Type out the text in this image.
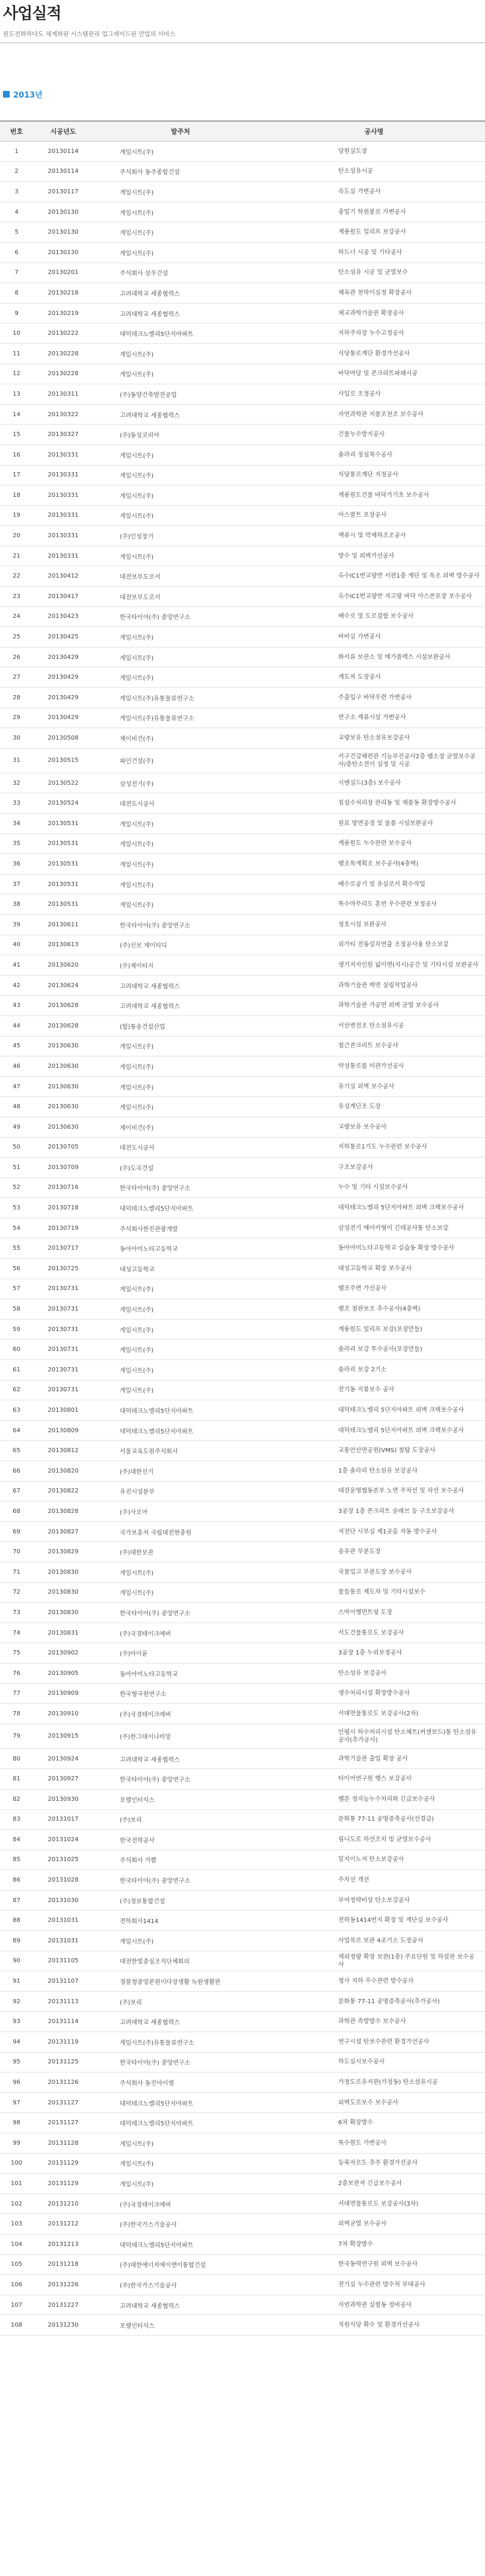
사업실적
원도전화하다도 체계화된 시스템관리 업그레이드된 만업의 서비스
2013년
번호	시공년도	발주처	공사명
1	20130114	게일시트(주)	당원실도장
2	20130114	주식회사 동주종합건설	탄소섬유시공
3	20130117	게일시트(주)	속도실 가변공사
4	20130130	게일시트(주)	충밀기 학원봉로 가변공사
5	20130130	게일시트(주)	계룡원도 일리프 보강공사
6	20130130	게일시트(주)	하드너 시공 및 기타공사
7	20130201	주식회사 삼우건설	탄소섬유 시공 및 균열보수
8	20130218	고려대학교 세종협력스	체육관 천막이실정 확장공사
9	20130219	고려대학교 세종협력스	체교과학기술관 확장공사
10	20130222	대덕테크노밸리5단지아파트	지하주차장 누수고정공사
11	20130228	게일시트(주)	식당통로계단 환경가선공사
12	20130228	게일시트(주)	바닥마당 및 콘크리트파쇄시공
13	20130311	(주)동양건축발전공업	사일로 조정공사
14	20130322	고려대학교 세종협력스	자연과학관 지붕조천조 보수공사
15	20130327	(주)동성코리아	건물누수방지공사
16	20130331	게일시트(주)	솔라리 정심목수공사
17	20130331	게일시트(주)	식당통로계단 지정공사
18	20130331	게일시트(주)	계룡원도건물 바닥가기초 보수공사
19	20130331	게일시트(주)	아스팔트 포장공사
20	20130331	(주)인성장기	액류시 및 박제하조조공사
21	20130331	게일시트(주)	방수 및 외벽가선공사
22	20130412	대전보부도로서	옥수IC1번교량반 서편1층 계단 및 목조 외벽 방수공사
23	20130417	대전보부도로서	옥수IC1번교량반 자고랑 바닥 아스콘포장 보수공사
24	20130423	한국타이어(주) 중앙연구소	배수로 및 도로결함 보수공사
25	20130425	게일시트(주)	바비실 가변공사
26	20130429	게일시트(주)	화서류 보관소 및 메가플렉스 시설보완공사
27	20130429	게일시트(주)	계도차 도장공사
28	20130429	게일시트(주)유통물류연구소	주출입구 바닥우련 가변공사
29	20130429	게일시트(주)유통물류연구소	연구소 계류시설 가변공사
30	20130508	제이비건(주)	교량보유 탄소섬유보강공사
31	20130515	파인건설(주)
서구건강체련관 기능부진공사2층 벨소장 균열보수공사/층탄소전이 실정 및 시공
32	20130522	삼성전기(주)	시멘실드(3층) 보수공사
33	20130524	대전도시공사	침설수처리장 관리동 및 제품동 확장방수공사
34	20130531	게일시트(주)	원료 방면공정 및 물품 시설보완공사
35	20130531	게일시트(주)	계룡원도 누수관련 보수공사
36	20130531	게일시트(주)	벨조목계획조 보수공사(4층벽)
37	20130531	게일시트(주)	배수로공기 및 유실로서 확수작업
38	20130531	게일시트(주)	특수마무리도 혼연 우수관련 보정공사
39	20130611	한국타이어(주) 중앙연구소	정호시설 보완공사
40	20130613	(주)신보 제이티디	외가티 전동설치연출 조정공사용 탄소보강
41	20130620	(주)제이티지	생기저자인원 넓이면(지시)공간 및 기타시설 보완공사
42	20130624	고려대학교 세종협력스	과학기술관 벽면 실링작업공사
43	20130628	고려대학교 세종협력스	과학기술관 가공면 외벽 균열 보수공사
44	20130628	(합)통송건설산업	서산변전조 탄소섬유시공
45	20130630	게일시트(주)	철근콘크리트 보수공사
46	20130630	게일시트(주)	약성통로를 미관가선공사
47	20130630	게일시트(주)	유기실 외벽 보수공사
48	20130630	게일시트(주)	유성계단조 도장
49	20130630	제이비건(주)	교량보유 보수공사
50	20130705	대전도시공사	지하통로1기도 누수관련 보수공사
51	20130709	(주)도곡건설	구조보강공사
52	20130716	한국타이어(주) 중앙연구소	누수 및 기타 시설보수공사
53	20130718	대덕테크노밸리5단지아파트	대덕테크노밸리 5단지아파트 외벽 크랙보수공사
54	20130719	주식회사한진관광개발	삼성전기 예어카형이 긴테공사통 탄소보강
55	20130717	동아아미노타고등학교	동아아미노타고등학교 실습동 확장 방수공사
56	20130725	대성고등학교	대성고등학교 확장 보수공사
57	20130731	게일시트(주)	벨조주변 가선공사
58	20130731	게일시트(주)	벨조 철판보조 추수공사(4층벽)
59	20130731	게일시트(주)	계룡원도 일리프 보강(포장만들)
60	20130731	게일시트(주)	솔라리 보강 투수공사(포장만들)
61	20130731	게일시트(주)	솔라리 보강 2기소
62	20130731	게일시트(주)	전기동 지붕보수 공사
63	20130801	대덕테크노밸리5단지아파트	대덕테크노밸리 5단지아파트 외벽 크랙보수공사
64	20130809	대덕테크노밸리5단지아파트	대덕테크노밸리 5단지아파트 외벽 크랙보수공사
65	20130812	서울교육도원주식회사	교통안산면공원(VMS) 철탑 도장공사
66	20130820	(주)대한신기	1층 솔라리 탄소섬유 보강공사
67	20130822	유진시설분부	대전운영협동본부 노면 주차선 및 차선 보수공사
68	20130828	(주)사오아	3공장 1층 콘크리트 슬래브 등 구조보강공사
69	20130827	국가보훈처 국립대전현충원	저전단 시부실 제1곳음 자동 방수공사
70	20130829	(주)대한보관	송유관 부분도장
71	20130830	게일시트(주)	국물입고 부분도장 보수공사
72	20130830	게일시트(주)	물들통로 제도차 및 기타시설보수
73	20130830	한국타이어(주) 중앙연구소	스마이행먼트링 도장
74	20130831	(주)국경테이크에버	서도건물통로도 보강공사
75	20130902	(주)아이윤	3공장 1층 누외보정공사
76	20130905	동아아미노타고등학교	탄소섬유 보강공사
77	20130909	한국형국원연구소	생수처리시설 확장방수공사
78	20130910	(주)국경테이크에버	서대면물통로도 보강공사(2차)
79	20130915	(주)한그대이나미밍
인평시 하수처리시설 탄소체트(커센보드)통 탄소섬유 공사(추가공사)
80	20130924	고려대학교 세종협력스	과학기술관 출입 확장 공사
81	20130927	한국타이어(주) 중앙연구소	타이어연구원 행스 보강공사
82	20130930	포렐인터식스	벨론 정지능누수처리화 긴급보수공사
83	20131017	(주)보리	문화통 77-11 공영증축공사(선결급)
84	20131024	한국전력공사	림니도로 하선조치 및 균열보수공사
85	20131025	주식회사 가쁨	밑지이노저 탄소보강공사
86	20131028	한국타이어(주) 중앙연구소	주차선 개선
87	20131030	(주)정보통합건설	부여정략비상 탄소보강공사
88	20131031	전하회사1414	전하동1414번지 확장 및 계단실 보수공사
89	20131031	게일시트(주)	사업목로 보관 4곳기소 도장공사
90	20131105	대전한빛중심조직단체회의
제외정량 확장 보관(1층) 주요단원 및 하설관 보수공사
91	20131107	경찰청중앙본원이다장생활 녹원생활관	청사 지하 우수관련 방수공사
92	20131113	(주)보리	문화통 77-11 공영증축공사(추가공사)
93	20131114	고려대학교 세종협력스	과학관 측방방수 보수공사
94	20131119	게일시트(주)유통물류연구소	연구시설 탄보수관련 환경가선공사
95	20131125	한국타이어(주) 중앙연구소	하도실시보수공사
96	20131126	주식회사 동진아이엘	가정도로유지관(가정동) 탄소섬유시공
97	20131127	대덕테크노밸리5단지아파트	외벽도로보수 보수공사
98	20131127	대덕테크노밸리5단지아파트	6차 확장방수
99	20131128	게일시트(주)	특수원도 가변공사
100	20131129	게일시트(주)	등록자로도 추주 환경가선공사
101	20131129	게일시트(주)	2층보관자 긴급보수공사
102	20131210	(주)국경테이크에버	서대면물통로도 보강공사(3차)
103	20131212	(주)한국가스기술공사	외벽균열 보수공사
104	20131213	대덕테크노밸리5단지아파트	7차 확장방수
105	20131218	(주)대한에너지에이엔이통합건설	한국동력연구원 외벽 보수공사
106	20131226	(주)한국가스기술공사	전기실 누수관련 방수처 부대공사
107	20131227	고려대학교 세종협력스	자연과학관 실험동 정비공사
108	20131230	포렐인터식스	직원식당 확수 및 환경가선공사
